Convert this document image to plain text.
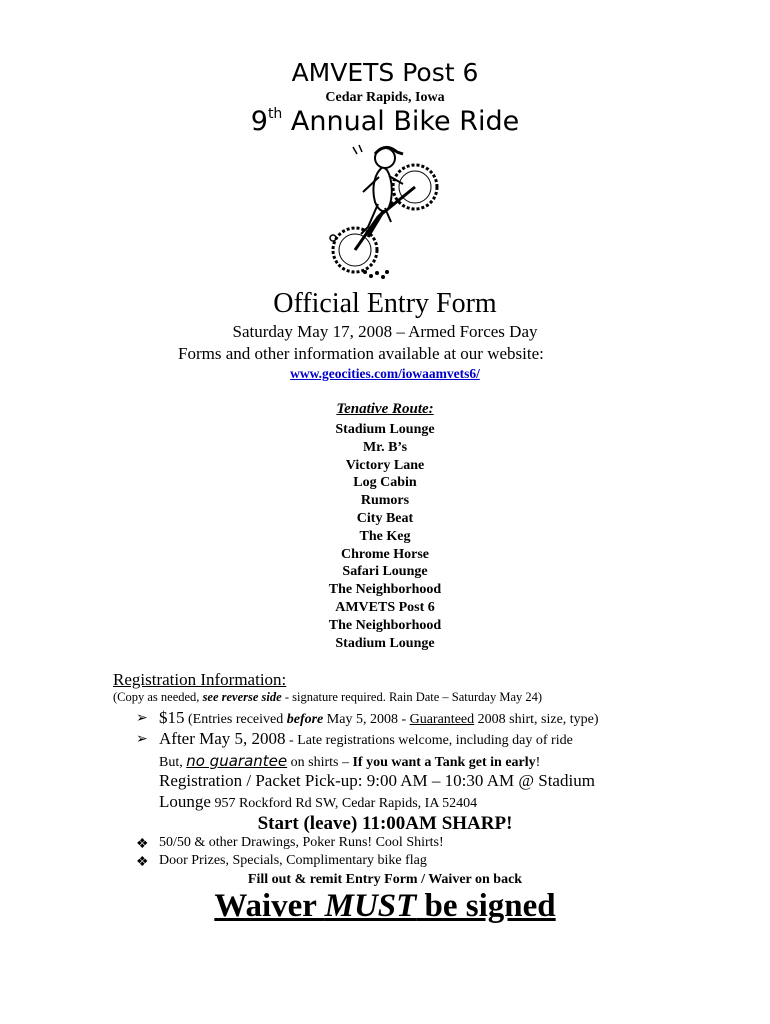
AMVETS Post 6
Cedar Rapids, Iowa
9th Annual Bike Ride
Official Entry Form
Saturday May 17, 2008 – Armed Forces Day
Forms and other information available at our website:
www.geocities.com/iowaamvets6/
Tenative Route:
Stadium Lounge
Mr. B’s
Victory Lane
Log Cabin
Rumors
City Beat
The Keg
Chrome Horse
Safari Lounge
The Neighborhood
AMVETS Post 6
The Neighborhood
Stadium Lounge
Registration Information:
(Copy as needed, see reverse side - signature required. Rain Date – Saturday May 24)
➢ $15 (Entries received before May 5, 2008 - Guaranteed 2008 shirt, size, type)
➢ After May 5, 2008 - Late registrations welcome, including day of ride
But, no guarantee on shirts – If you want a Tank get in early!
Registration / Packet Pick-up: 9:00 AM – 10:30 AM @ Stadium
Lounge 957 Rockford Rd SW, Cedar Rapids, IA 52404
Start (leave) 11:00AM SHARP!
❖ 50/50 & other Drawings, Poker Runs! Cool Shirts!
❖ Door Prizes, Specials, Complimentary bike flag
Fill out & remit Entry Form / Waiver on back
Waiver MUST be signed
